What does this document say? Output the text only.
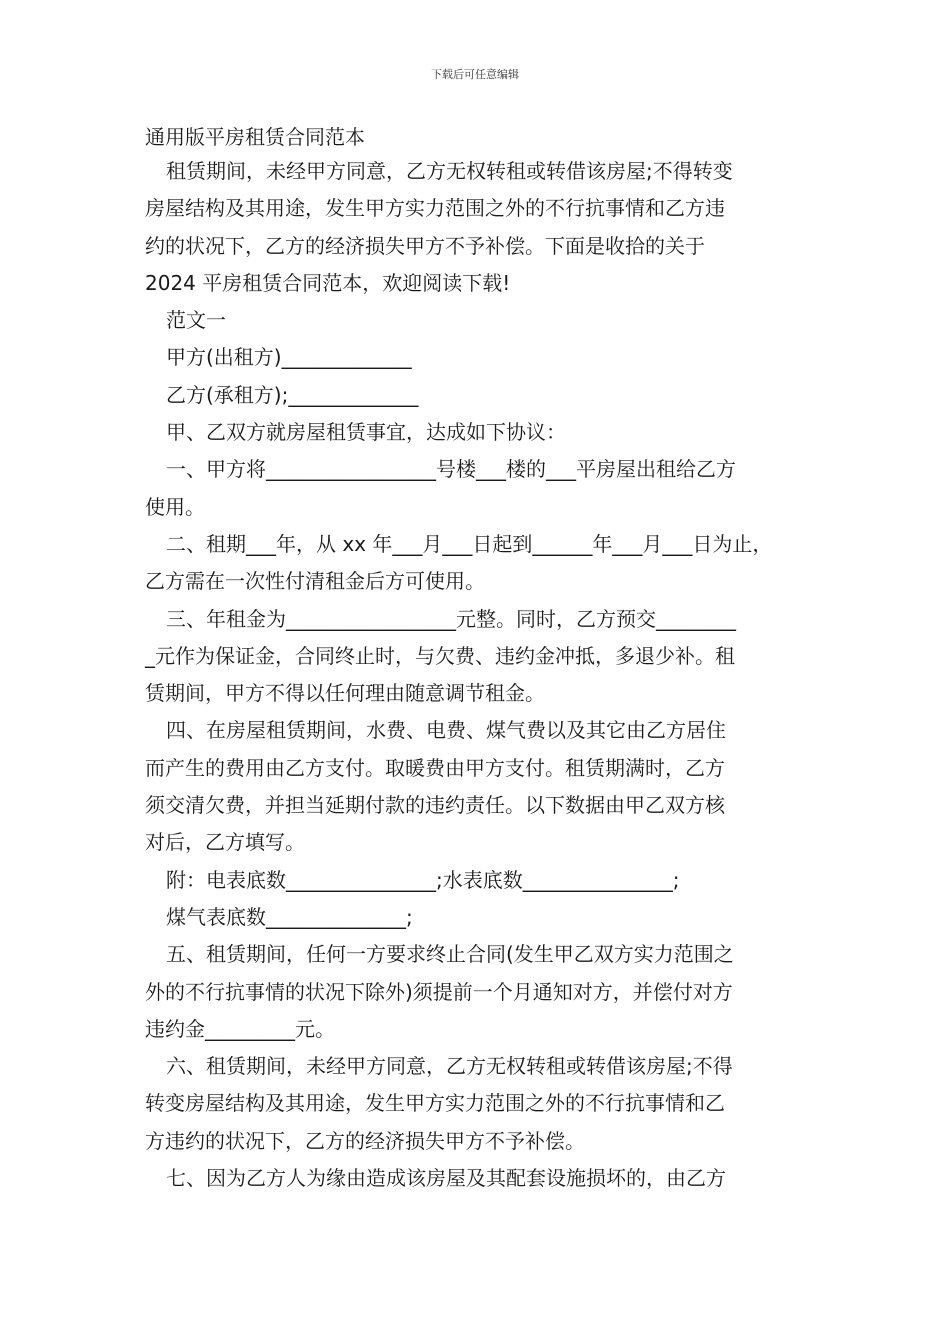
下载后可任意编辑
通用版平房租赁合同范本

租赁期间，未经甲方同意，乙方无权转租或转借该房屋;不得转变

房屋结构及其用途，发生甲方实力范围之外的不行抗事情和乙方违

约的状况下，乙方的经济损失甲方不予补偿。下面是收拾的关于

2024 平房租赁合同范本，欢迎阅读下载!

范文一

甲方(出租方)_____________

乙方(承租方);_____________

甲、乙双方就房屋租赁事宜，达成如下协议：

一、甲方将_________________号楼___楼的___平房屋出租给乙方

使用。

二、租期___年，从 xx 年___月___日起到______年___月___日为止，

乙方需在一次性付清租金后方可使用。

三、年租金为_________________元整。同时，乙方预交________

_元作为保证金，合同终止时，与欠费、违约金冲抵，多退少补。租

赁期间，甲方不得以任何理由随意调节租金。

四、在房屋租赁期间，水费、电费、煤气费以及其它由乙方居住

而产生的费用由乙方支付。取暖费由甲方支付。租赁期满时，乙方

须交清欠费，并担当延期付款的违约责任。以下数据由甲乙双方核

对后，乙方填写。

附：电表底数_______________;水表底数_______________;

煤气表底数______________;

五、租赁期间，任何一方要求终止合同(发生甲乙双方实力范围之

外的不行抗事情的状况下除外)须提前一个月通知对方，并偿付对方

违约金_________元。

六、租赁期间，未经甲方同意，乙方无权转租或转借该房屋;不得

转变房屋结构及其用途，发生甲方实力范围之外的不行抗事情和乙

方违约的状况下，乙方的经济损失甲方不予补偿。

七、因为乙方人为缘由造成该房屋及其配套设施损坏的，由乙方
